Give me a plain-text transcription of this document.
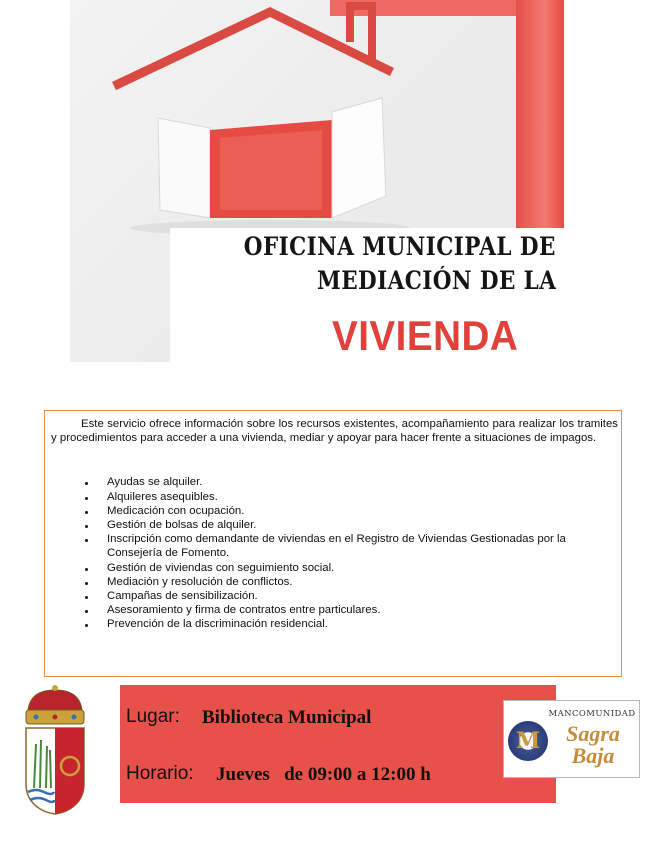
OFICINA MUNICIPAL DE
MEDIACIÓN DE LA
VIVIENDA

Este servicio ofrece información sobre los recursos existentes, acompañamiento para realizar los tramites y procedimientos para acceder a una vivienda, mediar y apoyar para hacer frente a situaciones de impagos.

Ayudas se alquiler.
Alquileres asequibles.
Medicación con ocupación.
Gestión de bolsas de alquiler.
Inscripción como demandante de viviendas en el Registro de Viviendas Gestionadas por la Consejería de Fomento.
Gestión de viviendas con seguimiento social.
Mediación y resolución de conflictos.
Campañas de sensibilización.
Asesoramiento y firma de contratos entre particulares.
Prevención de la discriminación residencial.
Lugar: Biblioteca Municipal
Horario: Jueves   de 09:00 a 12:00 h
M
MANCOMUNIDAD
Sagra Baja
